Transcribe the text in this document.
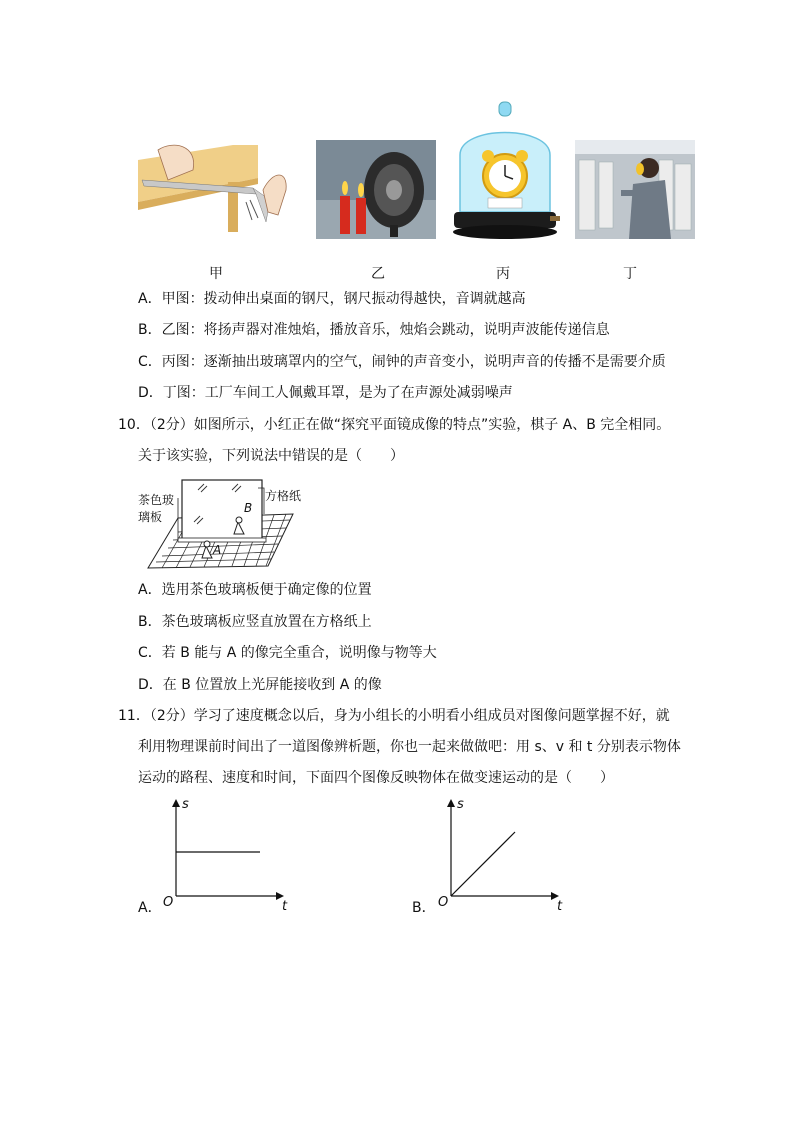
甲	乙	丙	丁
A．甲图：拨动伸出桌面的钢尺，钢尺振动得越快，音调就越高
B．乙图：将扬声器对准烛焰，播放音乐，烛焰会跳动，说明声波能传递信息
C．丙图：逐渐抽出玻璃罩内的空气，闹钟的声音变小，说明声音的传播不是需要介质
D．丁图：工厂车间工人佩戴耳罩，是为了在声源处减弱噪声
10．（2分）如图所示，小红正在做“探究平面镜成像的特点”实验，棋子 A、B 完全相同。
关于该实验，下列说法中错误的是（　　）
B
A
茶色玻
璃板
方格纸
A．选用茶色玻璃板便于确定像的位置
B．茶色玻璃板应竖直放置在方格纸上
C．若 B 能与 A 的像完全重合，说明像与物等大
D．在 B 位置放上光屏能接收到 A 的像
11．（2分）学习了速度概念以后，身为小组长的小明看小组成员对图像问题掌握不好，就
利用物理课前时间出了一道图像辨析题，你也一起来做做吧：用 s、v 和 t 分别表示物体
运动的路程、速度和时间，下面四个图像反映物体在做变速运动的是（　　）
A．
s
t
O	B．
s
t
O
